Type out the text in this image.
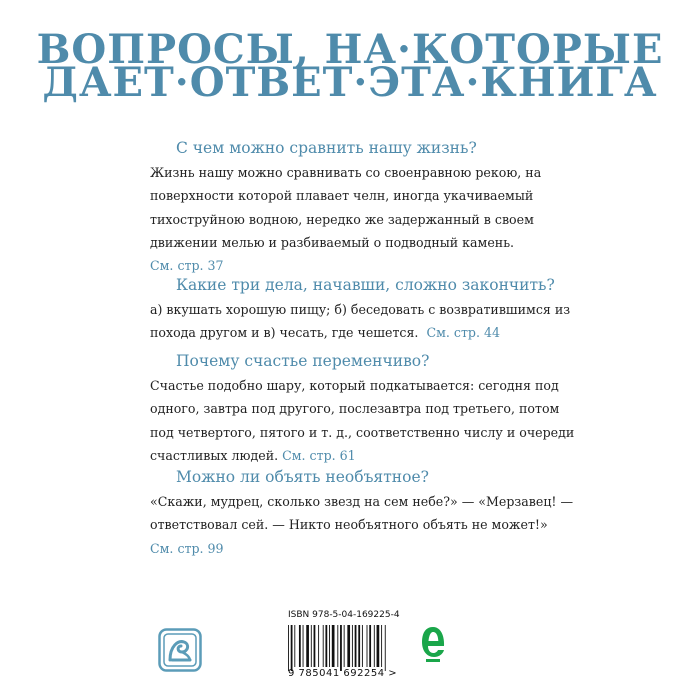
ВОПРОСЫ, НА·КОТОРЫЕ
ДАЕТ·ОТВЕТ·ЭТА·КНИГА

С чем можно сравнить нашу жизнь?

Жизнь нашу можно сравнивать со своенравною рекою, на
поверхности которой плавает челн, иногда укачиваемый
тихоструйною водною, нередко же задержанный в своем
движении мелью и разбиваемый о подводный камень.
См. стр. 37

Какие три дела, начавши, сложно закончить?

а) вкушать хорошую пищу; б) беседовать с возвратившимся из
похода другом и в) чесать, где чешется. См. стр. 44

Почему счастье переменчиво?

Счастье подобно шару, который подкатывается: сегодня под
одного, завтра под другого, послезавтра под третьего, потом
под четвертого, пятого и т. д., соответственно числу и очереди
счастливых людей. См. стр. 61

Можно ли объять необъятное?

«Скажи, мудрец, сколько звезд на сем небе?» — «Мерзавец! —
ответствовал сей. — Никто необъятного объять не может!»
См. стр. 99

ISBN 978-5-04-169225-4
9 785041 692254 >
